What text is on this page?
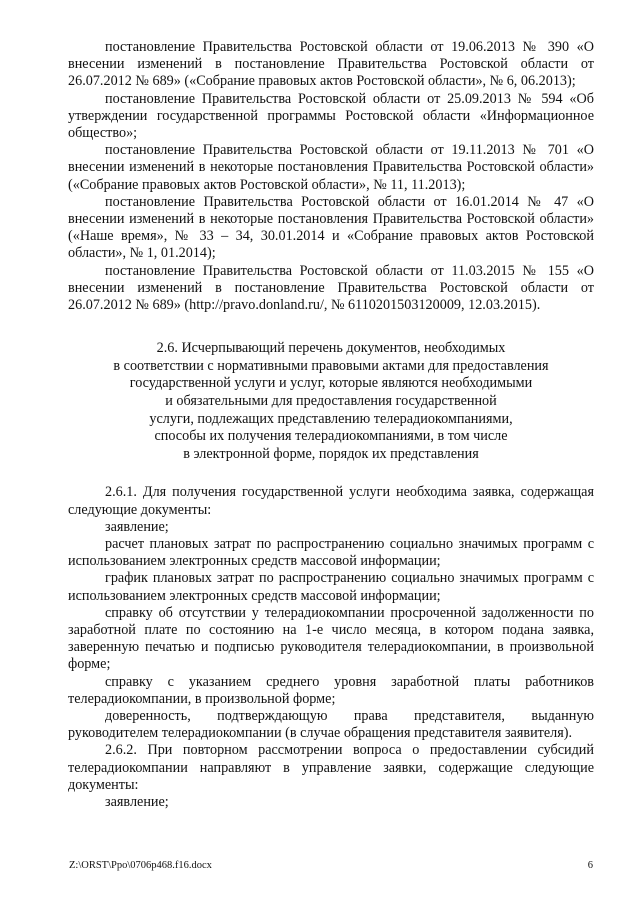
постановление Правительства Ростовской области от 19.06.2013 № 390 «О внесении изменений в постановление Правительства Ростовской области от 26.07.2012 № 689» («Собрание правовых актов Ростовской области», № 6, 06.2013);

постановление Правительства Ростовской области от 25.09.2013 № 594 «Об утверждении государственной программы Ростовской области «Информационное общество»;

постановление Правительства Ростовской области от 19.11.2013 № 701 «О внесении изменений в некоторые постановления Правительства Ростовской области» («Собрание правовых актов Ростовской области», № 11, 11.2013);

постановление Правительства Ростовской области от 16.01.2014 № 47 «О внесении изменений в некоторые постановления Правительства Ростовской области» («Наше время», № 33 – 34, 30.01.2014 и «Собрание правовых актов Ростовской области», № 1, 01.2014);

постановление Правительства Ростовской области от 11.03.2015 № 155 «О внесении изменений в постановление Правительства Ростовской области от 26.07.2012 № 689» (http://pravo.donland.ru/, № 6110201503120009, 12.03.2015).

2.6. Исчерпывающий перечень документов, необходимых
в соответствии с нормативными правовыми актами для предоставления
государственной услуги и услуг, которые являются необходимыми
и обязательными для предоставления государственной
услуги, подлежащих представлению телерадиокомпаниями,
способы их получения телерадиокомпаниями, в том числе
в электронной форме, порядок их представления

2.6.1. Для получения государственной услуги необходима заявка, содержащая следующие документы:

заявление;

расчет плановых затрат по распространению социально значимых программ с использованием электронных средств массовой информации;

график плановых затрат по распространению социально значимых программ с использованием электронных средств массовой информации;

справку об отсутствии у телерадиокомпании просроченной задолженности по заработной плате по состоянию на 1-е число месяца, в котором подана заявка, заверенную печатью и подписью руководителя телерадиокомпании, в произвольной форме;

справку с указанием среднего уровня заработной платы работников телерадиокомпании, в произвольной форме;

доверенность, подтверждающую права представителя, выданную руководителем телерадиокомпании (в случае обращения представителя заявителя).

2.6.2. При повторном рассмотрении вопроса о предоставлении субсидий телерадиокомпании направляют в управление заявки, содержащие следующие документы:

заявление;

Z:\ORST\Ppo\0706p468.f16.docx	6
